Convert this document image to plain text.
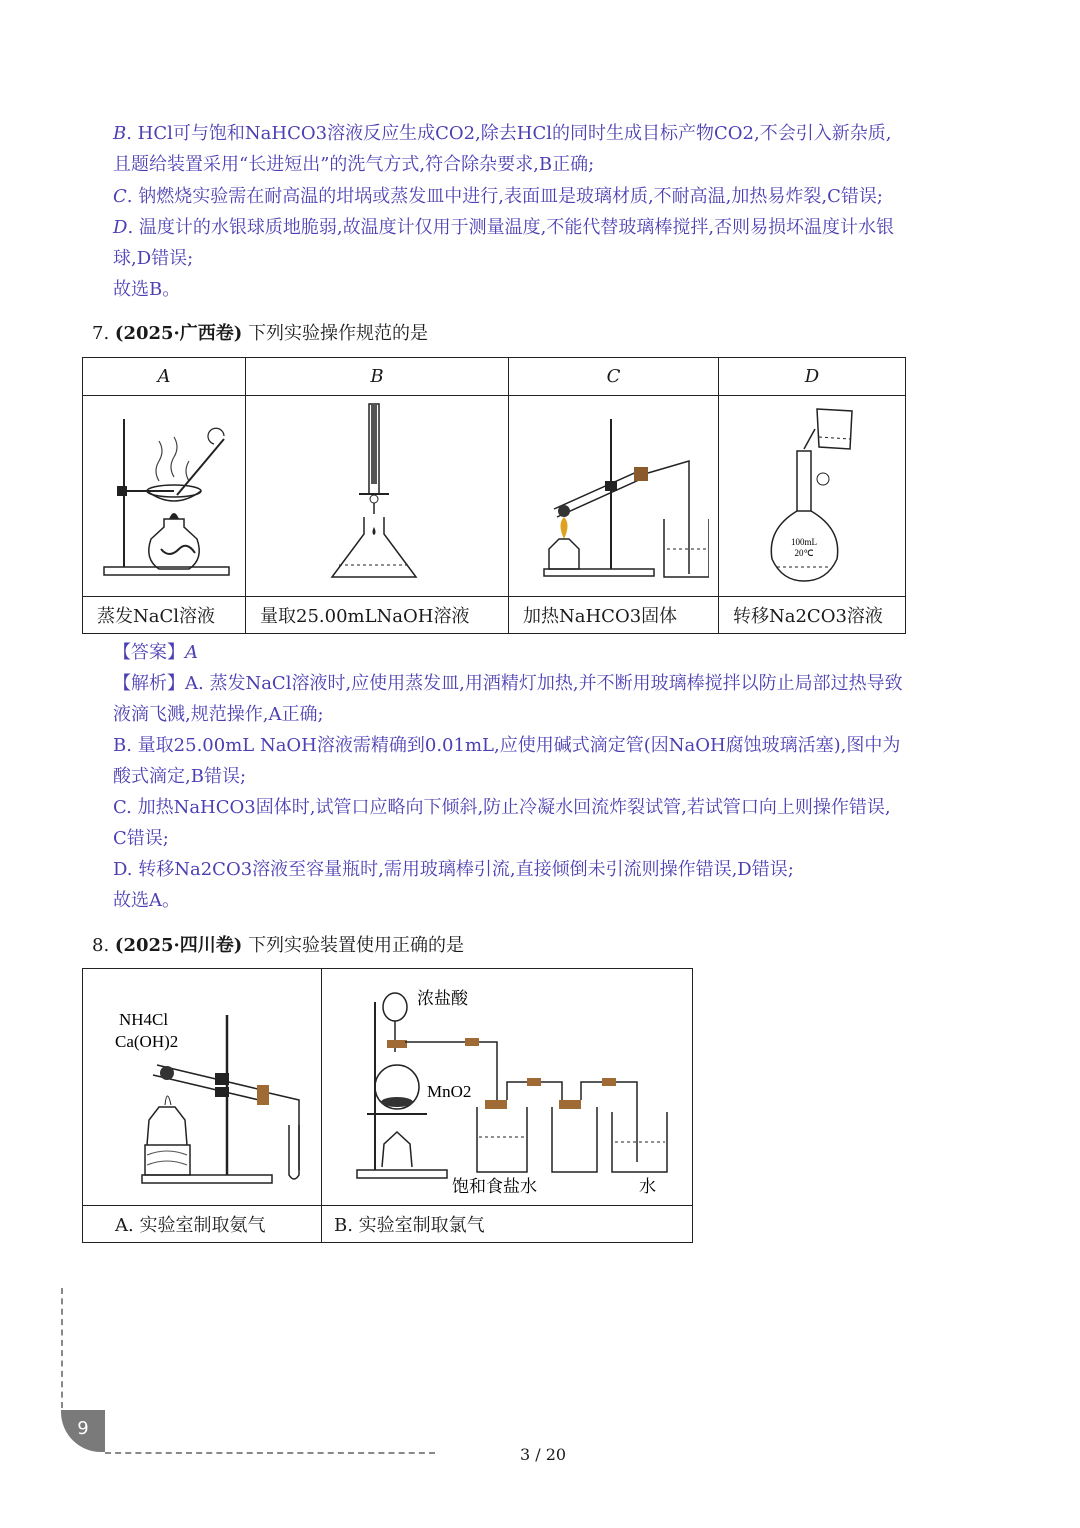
B. HCl可与饱和NaHCO3溶液反应生成CO2,除去HCl的同时生成目标产物CO2,不会引入新杂质,
且题给装置采用“长进短出”的洗气方式,符合除杂要求,B正确;
C. 钠燃烧实验需在耐高温的坩埚或蒸发皿中进行,表面皿是玻璃材质,不耐高温,加热易炸裂,C错误;
D. 温度计的水银球质地脆弱,故温度计仅用于测量温度,不能代替玻璃棒搅拌,否则易损坏温度计水银
球,D错误;
故选B。
7. (2025·广西卷) 下列实验操作规范的是
A	B	C	D

100mL
20℃

蒸发NaCl溶液	量取25.00mLNaOH溶液	加热NaHCO3固体	转移Na2CO3溶液
【答案】A
【解析】A. 蒸发NaCl溶液时,应使用蒸发皿,用酒精灯加热,并不断用玻璃棒搅拌以防止局部过热导致
液滴飞溅,规范操作,A正确;
B. 量取25.00mL NaOH溶液需精确到0.01mL,应使用碱式滴定管(因NaOH腐蚀玻璃活塞),图中为
酸式滴定,B错误;
C. 加热NaHCO3固体时,试管口应略向下倾斜,防止冷凝水回流炸裂试管,若试管口向上则操作错误,
C错误;
D. 转移Na2CO3溶液至容量瓶时,需用玻璃棒引流,直接倾倒未引流则操作错误,D错误;
故选A。
8. (2025·四川卷) 下列实验装置使用正确的是
NH4Cl
Ca(OH)2	浓盐酸
MnO2
饱和食盐水 水

A. 实验室制取氨气	B. 实验室制取氯气
9
3 / 20
